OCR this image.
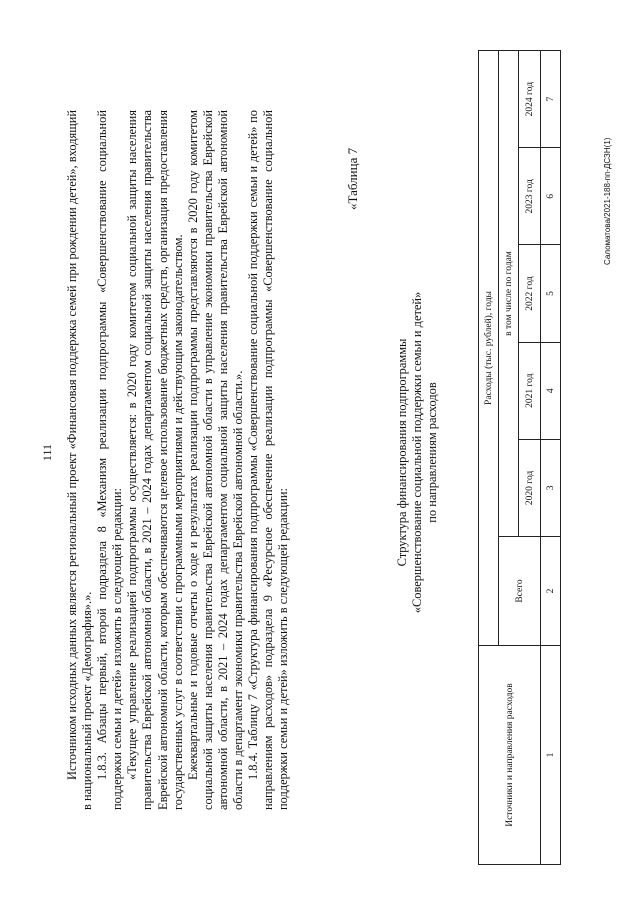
111 Источником исходных данных является региональный проект «Финансовая поддержка семей при рождении детей», входящий в национальный проект «Демография».». 1.8.3. Абзацы первый, второй подраздела 8 «Механизм реализации подпрограммы «Совершенствование социальной поддержки семьи и детей» изложить в следующей редакции: «Текущее управление реализацией подпрограммы осуществляется: в 2020 году комитетом социальной защиты населения правительства Еврейской автономной области, в 2021 – 2024 годах департаментом социальной защиты населения правительства Еврейской автономной области, которым обеспечиваются целевое использование бюджетных средств, организация предоставления государственных услуг в соответствии с программными мероприятиями и действующим законодательством. Ежеквартальные и годовые отчеты о ходе и результатах реализации подпрограммы представляются в 2020 году комитетом социальной защиты населения правительства Еврейской автономной области в управление экономики правительства Еврейской автономной области, в 2021 – 2024 годах департаментом социальной защиты населения правительства Еврейской автономной области в департамент экономики правительства Еврейской автономной области.». 1.8.4. Таблицу 7 «Структура финансирования подпрограммы «Совершенствование социальной поддержки семьи и детей» по направлениям расходов» подраздела 9 «Ресурсное обеспечение реализации подпрограммы «Совершенствование социальной поддержки семьи и детей» изложить в следующей редакции:

«Таблица 7
Структура финансирования подпрограммы «Совершенствование социальной поддержки семьи и детей» по направлениям расходов
Источники и направления расходов	Расходы (тыс. рублей), годы					
	Всего	в том числе по годам				
		2020 год	2021 год	2022 год	2023 год	2024 год
1	2	3	4	5	6	7
Саломатова/2021-188-пп-ДСЗН(1)
